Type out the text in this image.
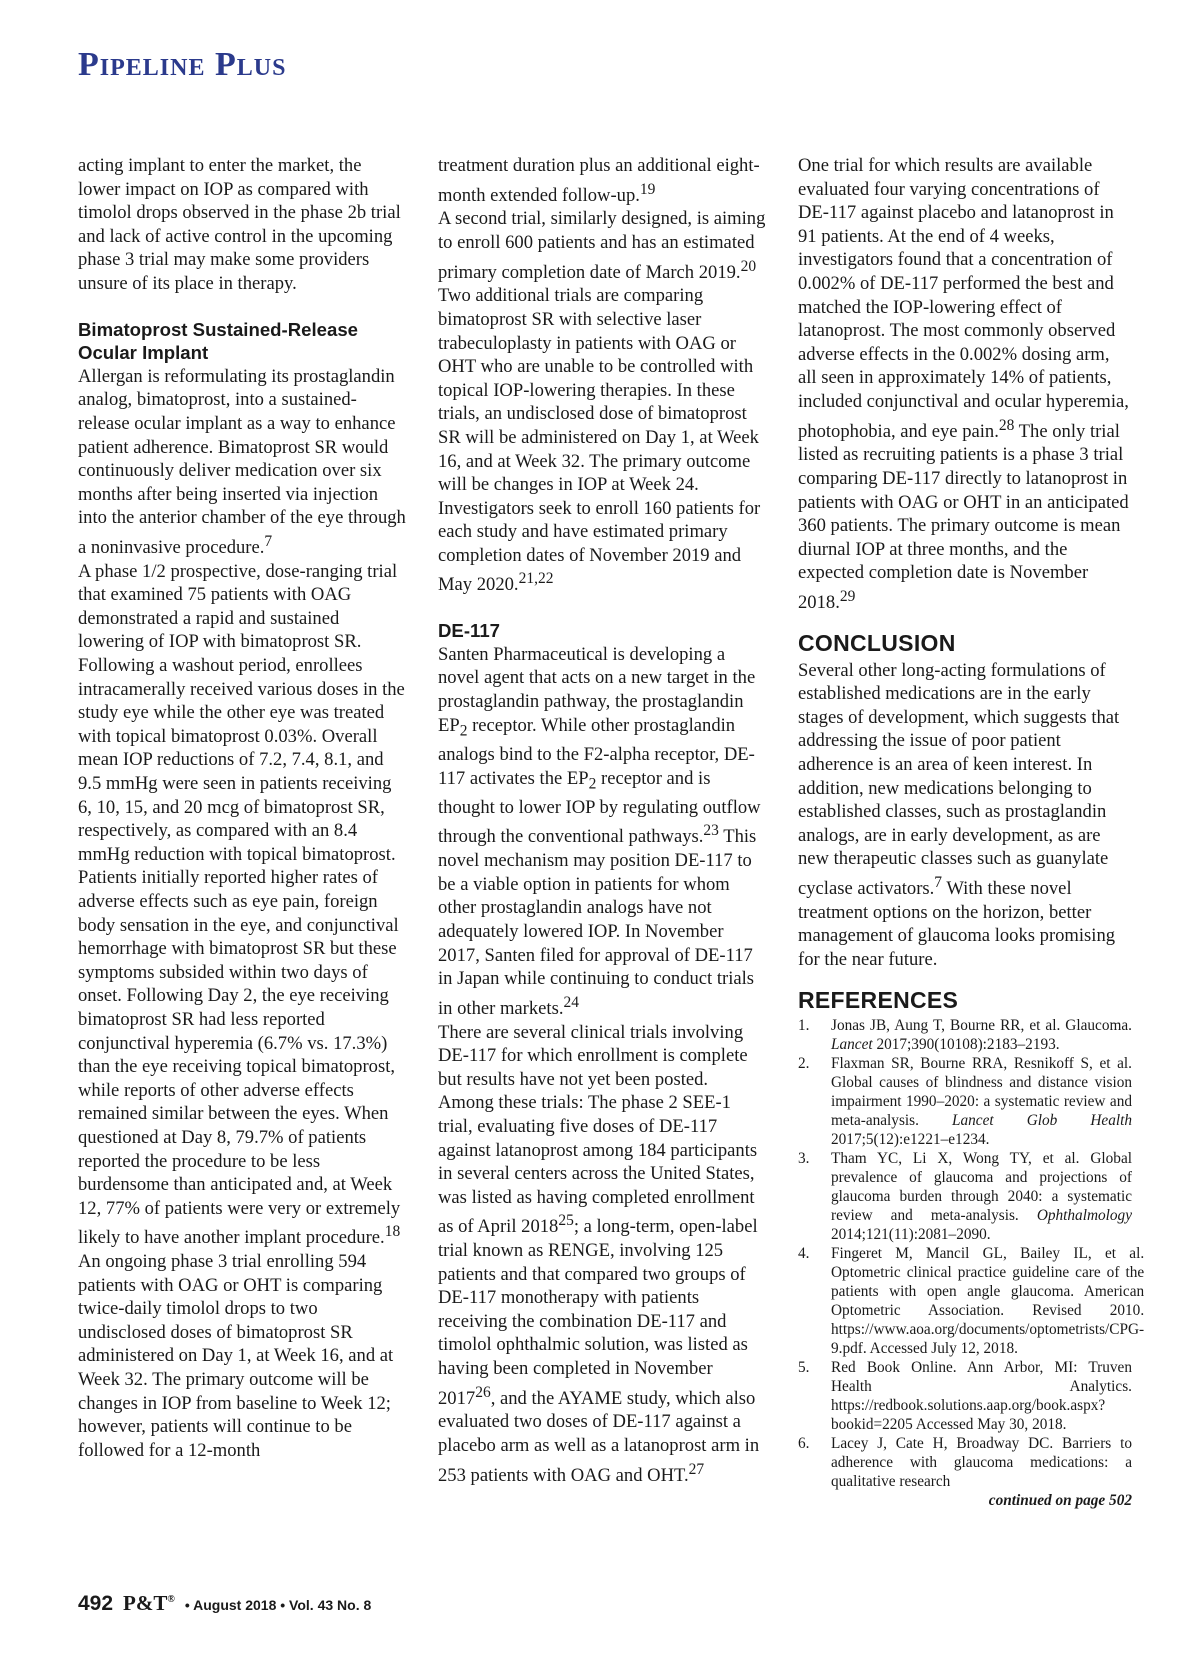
Pipeline Plus

acting implant to enter the market, the lower impact on IOP as compared with timolol drops observed in the phase 2b trial and lack of active control in the upcoming phase 3 trial may make some providers unsure of its place in therapy.

Bimatoprost Sustained-Release Ocular Implant

Allergan is reformulating its prostaglandin analog, bimatoprost, into a sustained-release ocular implant as a way to enhance patient adherence. Bimatoprost SR would continuously deliver medication over six months after being inserted via injection into the anterior chamber of the eye through a noninvasive procedure.$^7$

A phase 1/2 prospective, dose-ranging trial that examined 75 patients with OAG demonstrated a rapid and sustained lowering of IOP with bimatoprost SR. Following a washout period, enrollees intracamerally received various doses in the study eye while the other eye was treated with topical bimatoprost 0.03%. Overall mean IOP reductions of 7.2, 7.4, 8.1, and 9.5 mmHg were seen in patients receiving 6, 10, 15, and 20 mcg of bimatoprost SR, respectively, as compared with an 8.4 mmHg reduction with topical bimatoprost. Patients initially reported higher rates of adverse effects such as eye pain, foreign body sensation in the eye, and conjunctival hemorrhage with bimatoprost SR but these symptoms subsided within two days of onset. Following Day 2, the eye receiving bimatoprost SR had less reported conjunctival hyperemia (6.7% vs. 17.3%) than the eye receiving topical bimatoprost, while reports of other adverse effects remained similar between the eyes. When questioned at Day 8, 79.7% of patients reported the procedure to be less burdensome than anticipated and, at Week 12, 77% of patients were very or extremely likely to have another implant procedure.$^{18}$

An ongoing phase 3 trial enrolling 594 patients with OAG or OHT is comparing twice-daily timolol drops to two undisclosed doses of bimatoprost SR administered on Day 1, at Week 16, and at Week 32. The primary outcome will be changes in IOP from baseline to Week 12; however, patients will continue to be followed for a 12-month

treatment duration plus an additional eight-month extended follow-up.$^{19}$

A second trial, similarly designed, is aiming to enroll 600 patients and has an estimated primary completion date of March 2019.20 Two additional trials are comparing bimatoprost SR with selective laser trabeculoplasty in patients with OAG or OHT who are unable to be controlled with topical IOP-lowering therapies. In these trials, an undisclosed dose of bimatoprost SR will be administered on Day 1, at Week 16, and at Week 32. The primary outcome will be changes in IOP at Week 24. Investigators seek to enroll 160 patients for each study and have estimated primary completion dates of November 2019 and May 2020.$^{21,22}$

DE-117

Santen Pharmaceutical is developing a novel agent that acts on a new target in the prostaglandin pathway, the prostaglandin $EP_2$ receptor. While other prostaglandin analogs bind to the F2-alpha receptor, DE-117 activates the $EP_2$ receptor and is thought to lower IOP by regulating outflow through the conventional pathways.$^{23}$ This novel mechanism may position DE-117 to be a viable option in patients for whom other prostaglandin analogs have not adequately lowered IOP. In November 2017, Santen filed for approval of DE-117 in Japan while continuing to conduct trials in other markets.$^{24}$

There are several clinical trials involving DE-117 for which enrollment is complete but results have not yet been posted.

Among these trials: The phase 2 SEE-1 trial, evaluating five doses of DE-117 against latanoprost among 184 participants in several centers across the United States, was listed as having completed enrollment as of April 2018$^{25}$; a long-term, open-label trial known as RENGE, involving 125 patients and that compared two groups of DE-117 monotherapy with patients receiving the combination DE-117 and timolol ophthalmic solution, was listed as having been completed in November 2017$^{26}$, and the AYAME study, which also evaluated two doses of DE-117 against a placebo arm as well as a latanoprost arm in 253 patients with OAG and OHT.$^{27}$

One trial for which results are available evaluated four varying concentrations of DE-117 against placebo and latanoprost in 91 patients. At the end of 4 weeks, investigators found that a concentration of 0.002% of DE-117 performed the best and matched the IOP-lowering effect of latanoprost. The most commonly observed adverse effects in the 0.002% dosing arm, all seen in approximately 14% of patients, included conjunctival and ocular hyperemia, photophobia, and eye pain.$^{28}$ The only trial listed as recruiting patients is a phase 3 trial comparing DE-117 directly to latanoprost in patients with OAG or OHT in an anticipated 360 patients. The primary outcome is mean diurnal IOP at three months, and the expected completion date is November 2018.29

CONCLUSION

Several other long-acting formulations of established medications are in the early stages of development, which suggests that addressing the issue of poor patient adherence is an area of keen interest. In addition, new medications belonging to established classes, such as prostaglandin analogs, are in early development, as are new therapeutic classes such as guanylate cyclase activators.$^7$ With these novel treatment options on the horizon, better management of glaucoma looks promising for the near future.

REFERENCES
1.	Jonas JB, Aung T, Bourne RR, et al. Glaucoma. Lancet 2017;390(10108):2183–2193.
2.	Flaxman SR, Bourne RRA, Resnikoff S, et al. Global causes of blindness and distance vision impairment 1990–2020: a systematic review and meta-analysis. Lancet Glob Health 2017;5(12):e1221–e1234.
3.	Tham YC, Li X, Wong TY, et al. Global prevalence of glaucoma and projections of glaucoma burden through 2040: a systematic review and meta-analysis. Ophthalmology 2014;121(11):2081–2090.
4.	Fingeret M, Mancil GL, Bailey IL, et al. Optometric clinical practice guideline care of the patients with open angle glaucoma. American Optometric Association. Revised 2010. https://www.aoa.org/documents/optometrists/CPG-9.pdf. Accessed July 12, 2018.
5.	Red Book Online. Ann Arbor, MI: Truven Health Analytics. https://redbook.solutions.aap.org/book.aspx?bookid=2205 Accessed May 30, 2018.
6.	Lacey J, Cate H, Broadway DC. Barriers to adherence with glaucoma medications: a qualitative research

continued on page 502

492 P&T® • August 2018 • Vol. 43 No. 8
